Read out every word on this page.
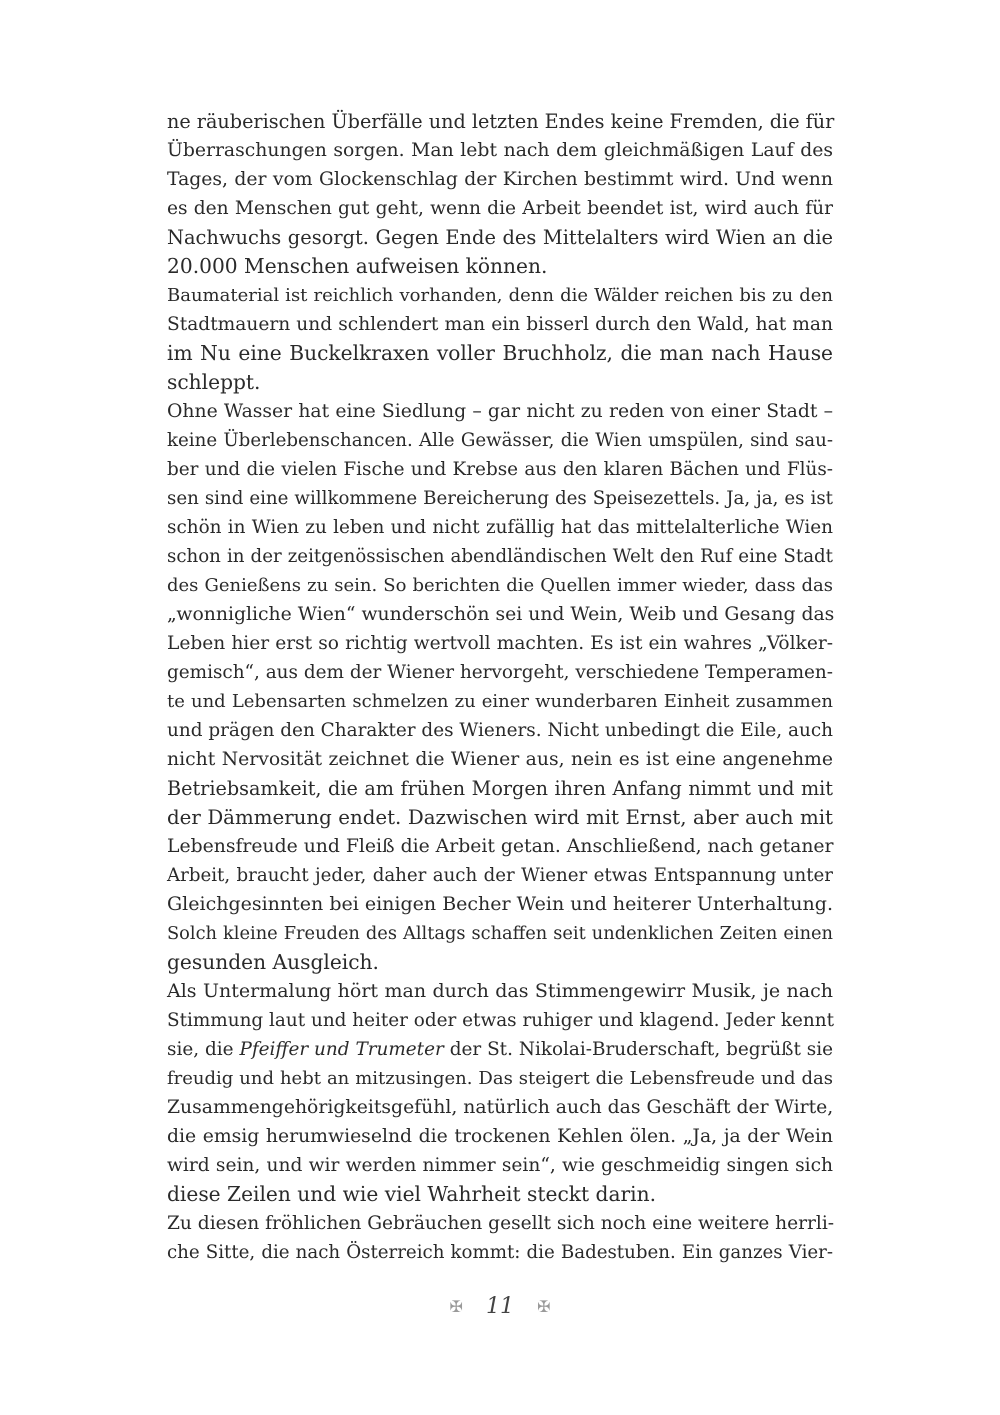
ne räuberischen Überfälle und letzten Endes keine Fremden, die für
Überraschungen sorgen. Man lebt nach dem gleichmäßigen Lauf des
Tages, der vom Glockenschlag der Kirchen bestimmt wird. Und wenn
es den Menschen gut geht, wenn die Arbeit beendet ist, wird auch für
Nachwuchs gesorgt. Gegen Ende des Mittelalters wird Wien an die
20.000 Menschen aufweisen können.
Baumaterial ist reichlich vorhanden, denn die Wälder reichen bis zu den
Stadtmauern und schlendert man ein bisserl durch den Wald, hat man
im Nu eine Buckelkraxen voller Bruchholz, die man nach Hause
schleppt.
Ohne Wasser hat eine Siedlung – gar nicht zu reden von einer Stadt –
keine Überlebenschancen. Alle Gewässer, die Wien umspülen, sind sau-
ber und die vielen Fische und Krebse aus den klaren Bächen und Flüs-
sen sind eine willkommene Bereicherung des Speisezettels. Ja, ja, es ist
schön in Wien zu leben und nicht zufällig hat das mittelalterliche Wien
schon in der zeitgenössischen abendländischen Welt den Ruf eine Stadt
des Genießens zu sein. So berichten die Quellen immer wieder, dass das
„wonnigliche Wien“ wunderschön sei und Wein, Weib und Gesang das
Leben hier erst so richtig wertvoll machten. Es ist ein wahres „Völker-
gemisch“, aus dem der Wiener hervorgeht, verschiedene Temperamen-
te und Lebensarten schmelzen zu einer wunderbaren Einheit zusammen
und prägen den Charakter des Wieners. Nicht unbedingt die Eile, auch
nicht Nervosität zeichnet die Wiener aus, nein es ist eine angenehme
Betriebsamkeit, die am frühen Morgen ihren Anfang nimmt und mit
der Dämmerung endet. Dazwischen wird mit Ernst, aber auch mit
Lebensfreude und Fleiß die Arbeit getan. Anschließend, nach getaner
Arbeit, braucht jeder, daher auch der Wiener etwas Entspannung unter
Gleichgesinnten bei einigen Becher Wein und heiterer Unterhaltung.
Solch kleine Freuden des Alltags schaffen seit undenklichen Zeiten einen
gesunden Ausgleich.
Als Untermalung hört man durch das Stimmengewirr Musik, je nach
Stimmung laut und heiter oder etwas ruhiger und klagend. Jeder kennt
sie, die Pfeiffer und Trumeter der St. Nikolai-Bruderschaft, begrüßt sie
freudig und hebt an mitzusingen. Das steigert die Lebensfreude und das
Zusammengehörigkeitsgefühl, natürlich auch das Geschäft der Wirte,
die emsig herumwieselnd die trockenen Kehlen ölen. „Ja, ja der Wein
wird sein, und wir werden nimmer sein“, wie geschmeidig singen sich
diese Zeilen und wie viel Wahrheit steckt darin.
Zu diesen fröhlichen Gebräuchen gesellt sich noch eine weitere herrli-
che Sitte, die nach Österreich kommt: die Badestuben. Ein ganzes Vier-
✠ 11 ✠
